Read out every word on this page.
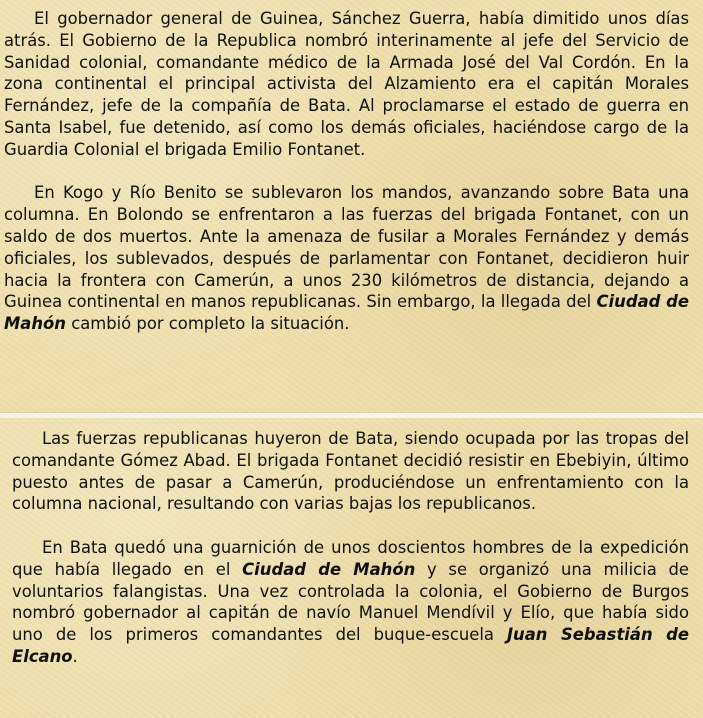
El gobernador general de Guinea, Sánchez Guerra, había dimitido unos días atrás. El Gobierno de la Republica nombró interinamente al jefe del Servicio de Sanidad colonial, comandante médico de la Armada José del Val Cordón. En la zona continental el principal activista del Alzamiento era el capitán Morales Fernández, jefe de la compañía de Bata. Al proclamarse el estado de guerra en Santa Isabel, fue detenido, así como los demás oficiales, haciéndose cargo de la Guardia Colonial el brigada Emilio Fontanet.

En Kogo y Río Benito se sublevaron los mandos, avanzando sobre Bata una columna. En Bolondo se enfrentaron a las fuerzas del brigada Fontanet, con un saldo de dos muertos. Ante la amenaza de fusilar a Morales Fernández y demás oficiales, los sublevados, después de parlamentar con Fontanet, decidieron huir hacia la frontera con Camerún, a unos 230 kilómetros de distancia, dejando a Guinea continental en manos republicanas. Sin embargo, la llegada del Ciudad de Mahón cambió por completo la situación.

Las fuerzas republicanas huyeron de Bata, siendo ocupada por las tropas del comandante Gómez Abad. El brigada Fontanet decidió resistir en Ebebiyin, último puesto antes de pasar a Camerún, produciéndose un enfrentamiento con la columna nacional, resultando con varias bajas los republicanos.

En Bata quedó una guarnición de unos doscientos hombres de la expedición que había llegado en el Ciudad de Mahón y se organizó una milicia de voluntarios falangistas. Una vez controlada la colonia, el Gobierno de Burgos nombró gobernador al capitán de navío Manuel Mendívil y Elío, que había sido uno de los primeros comandantes del buque-escuela Juan Sebastián de Elcano.
